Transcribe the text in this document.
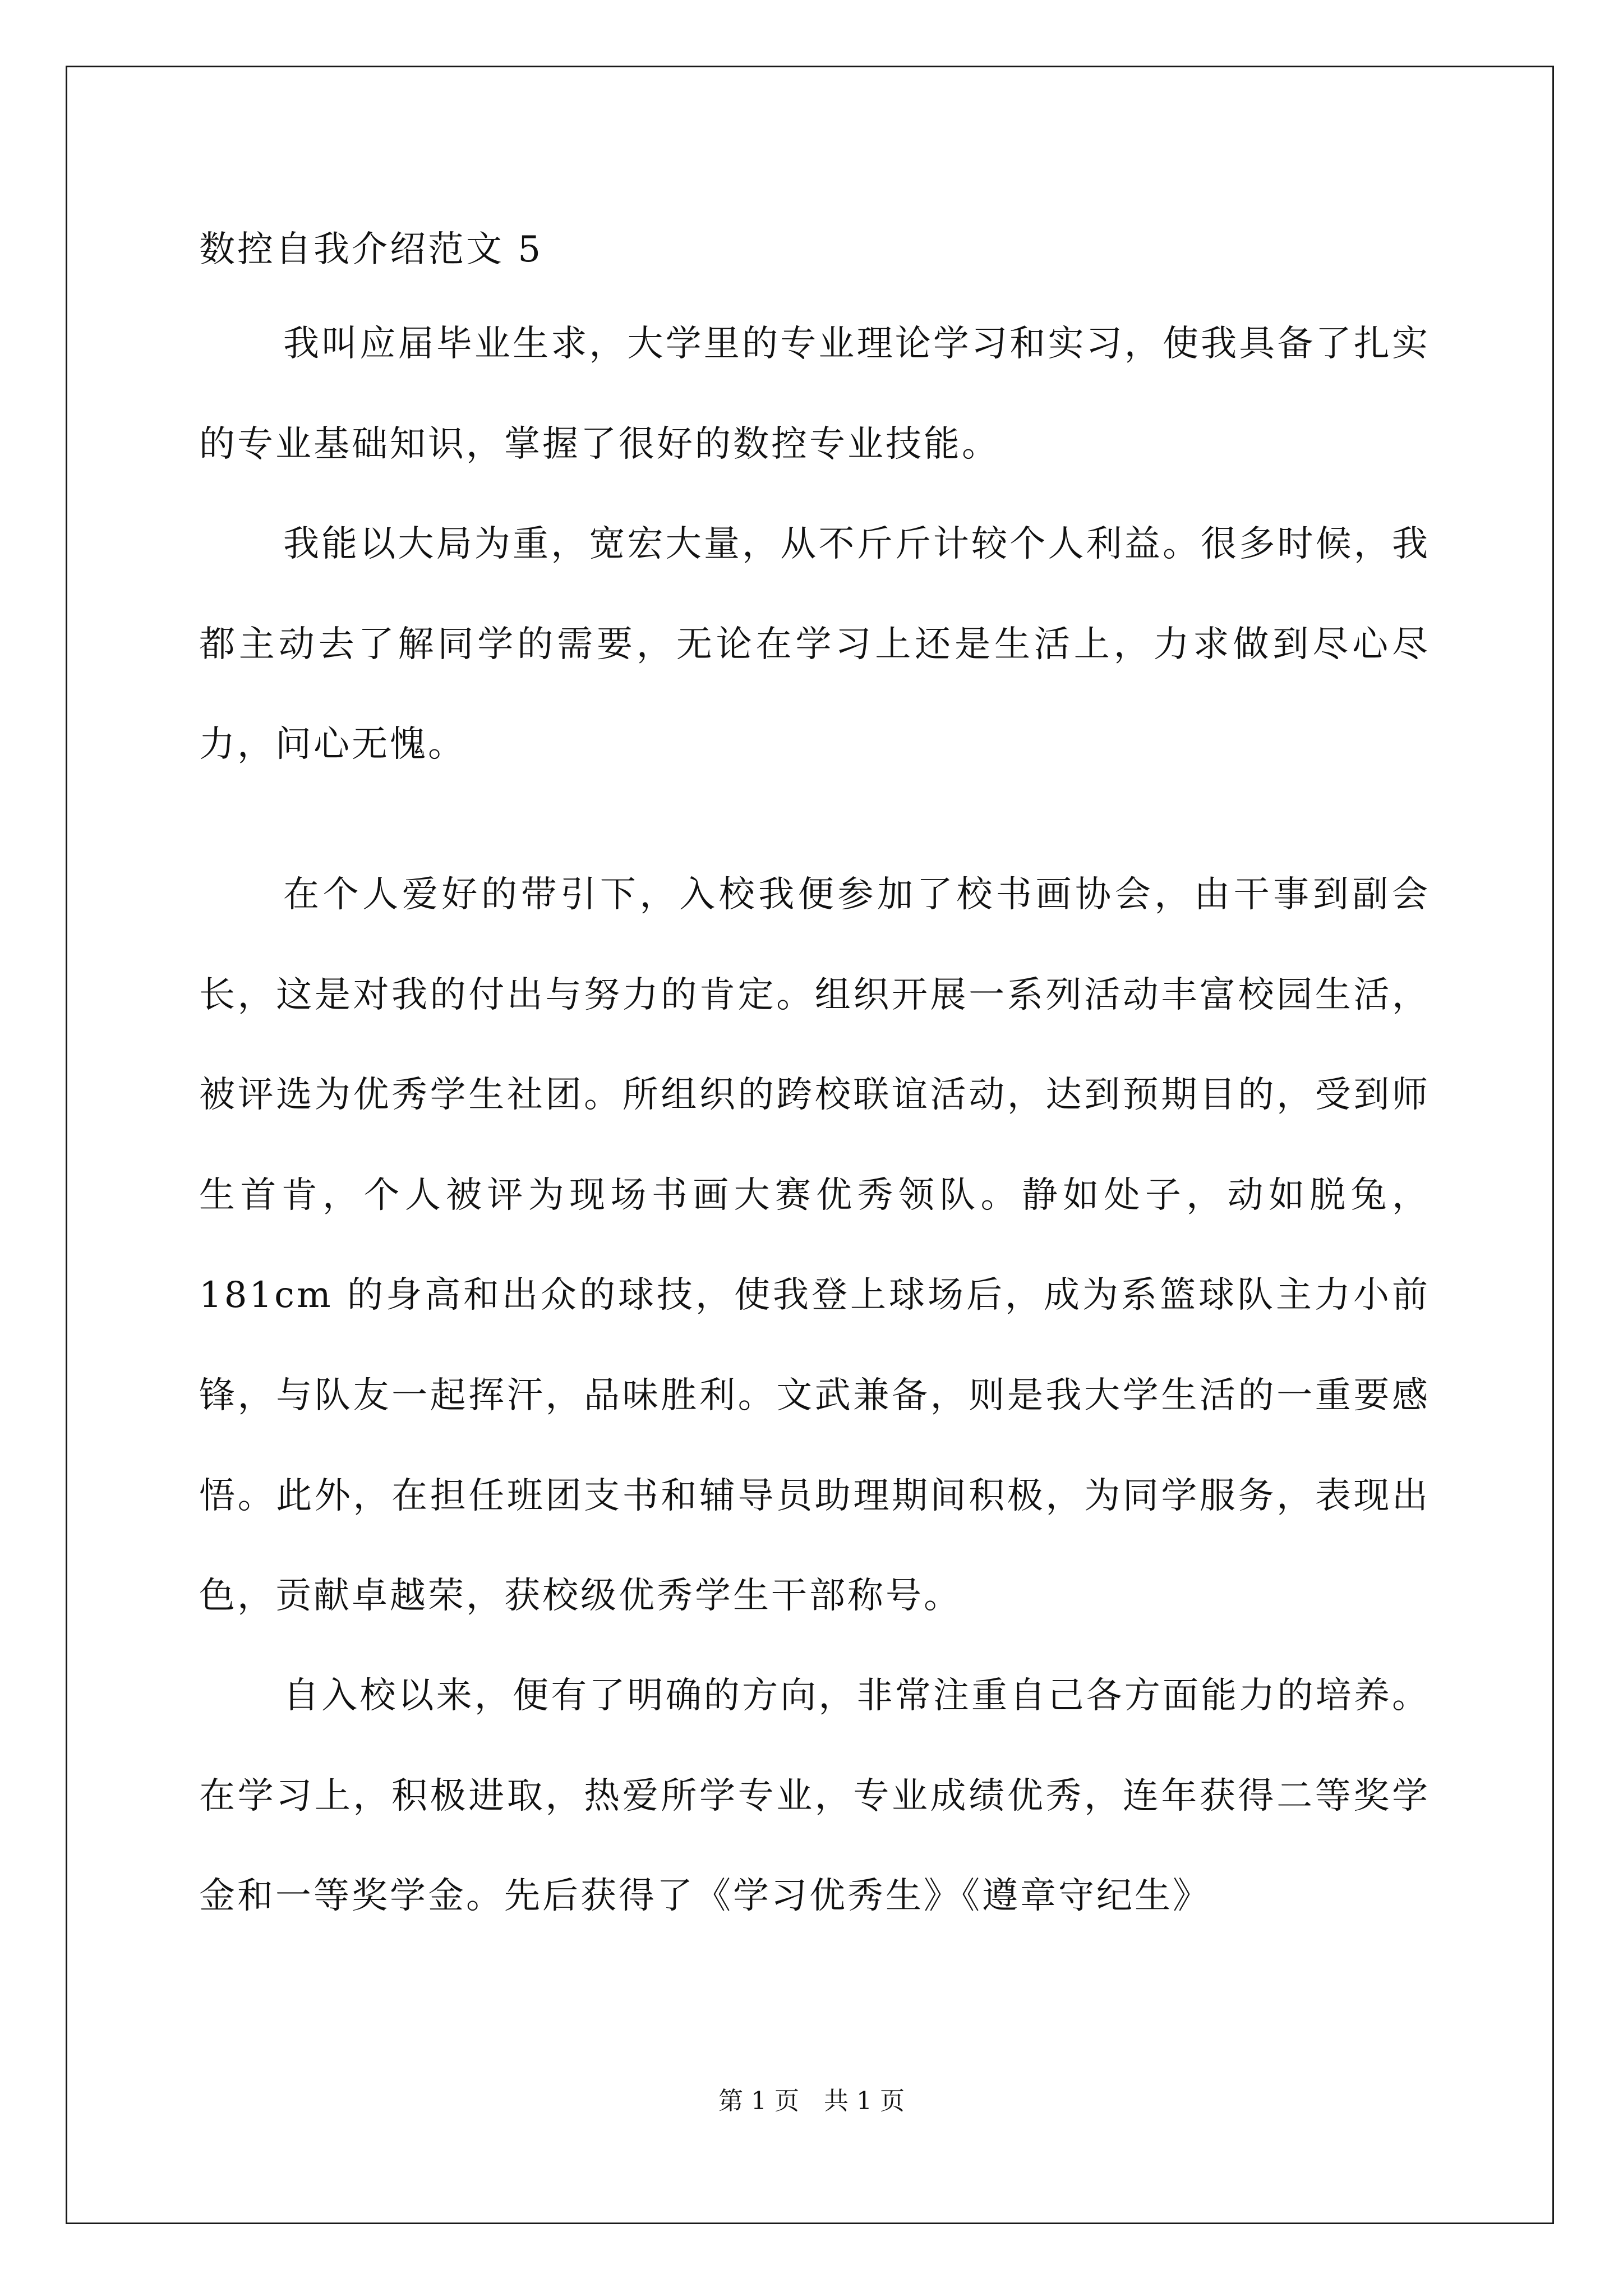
数控自我介绍范文 5

我叫应届毕业生求，大学里的专业理论学习和实习，使我具备了扎实的专业基础知识，掌握了很好的数控专业技能。

我能以大局为重，宽宏大量，从不斤斤计较个人利益。很多时候，我都主动去了解同学的需要，无论在学习上还是生活上，力求做到尽心尽力，问心无愧。

在个人爱好的带引下，入校我便参加了校书画协会，由干事到副会长，这是对我的付出与努力的肯定。组织开展一系列活动丰富校园生活，被评选为优秀学生社团。所组织的跨校联谊活动，达到预期目的，受到师生首肯，个人被评为现场书画大赛优秀领队。静如处子，动如脱兔，181cm 的身高和出众的球技，使我登上球场后，成为系篮球队主力小前锋，与队友一起挥汗，品味胜利。文武兼备，则是我大学生活的一重要感悟。此外，在担任班团支书和辅导员助理期间积极，为同学服务，表现出色，贡献卓越荣，获校级优秀学生干部称号。

自入校以来，便有了明确的方向，非常注重自己各方面能力的培养。在学习上，积极进取，热爱所学专业，专业成绩优秀，连年获得二等奖学金和一等奖学金。先后获得了《学习优秀生》《遵章守纪生》

第 1 页　共 1 页
